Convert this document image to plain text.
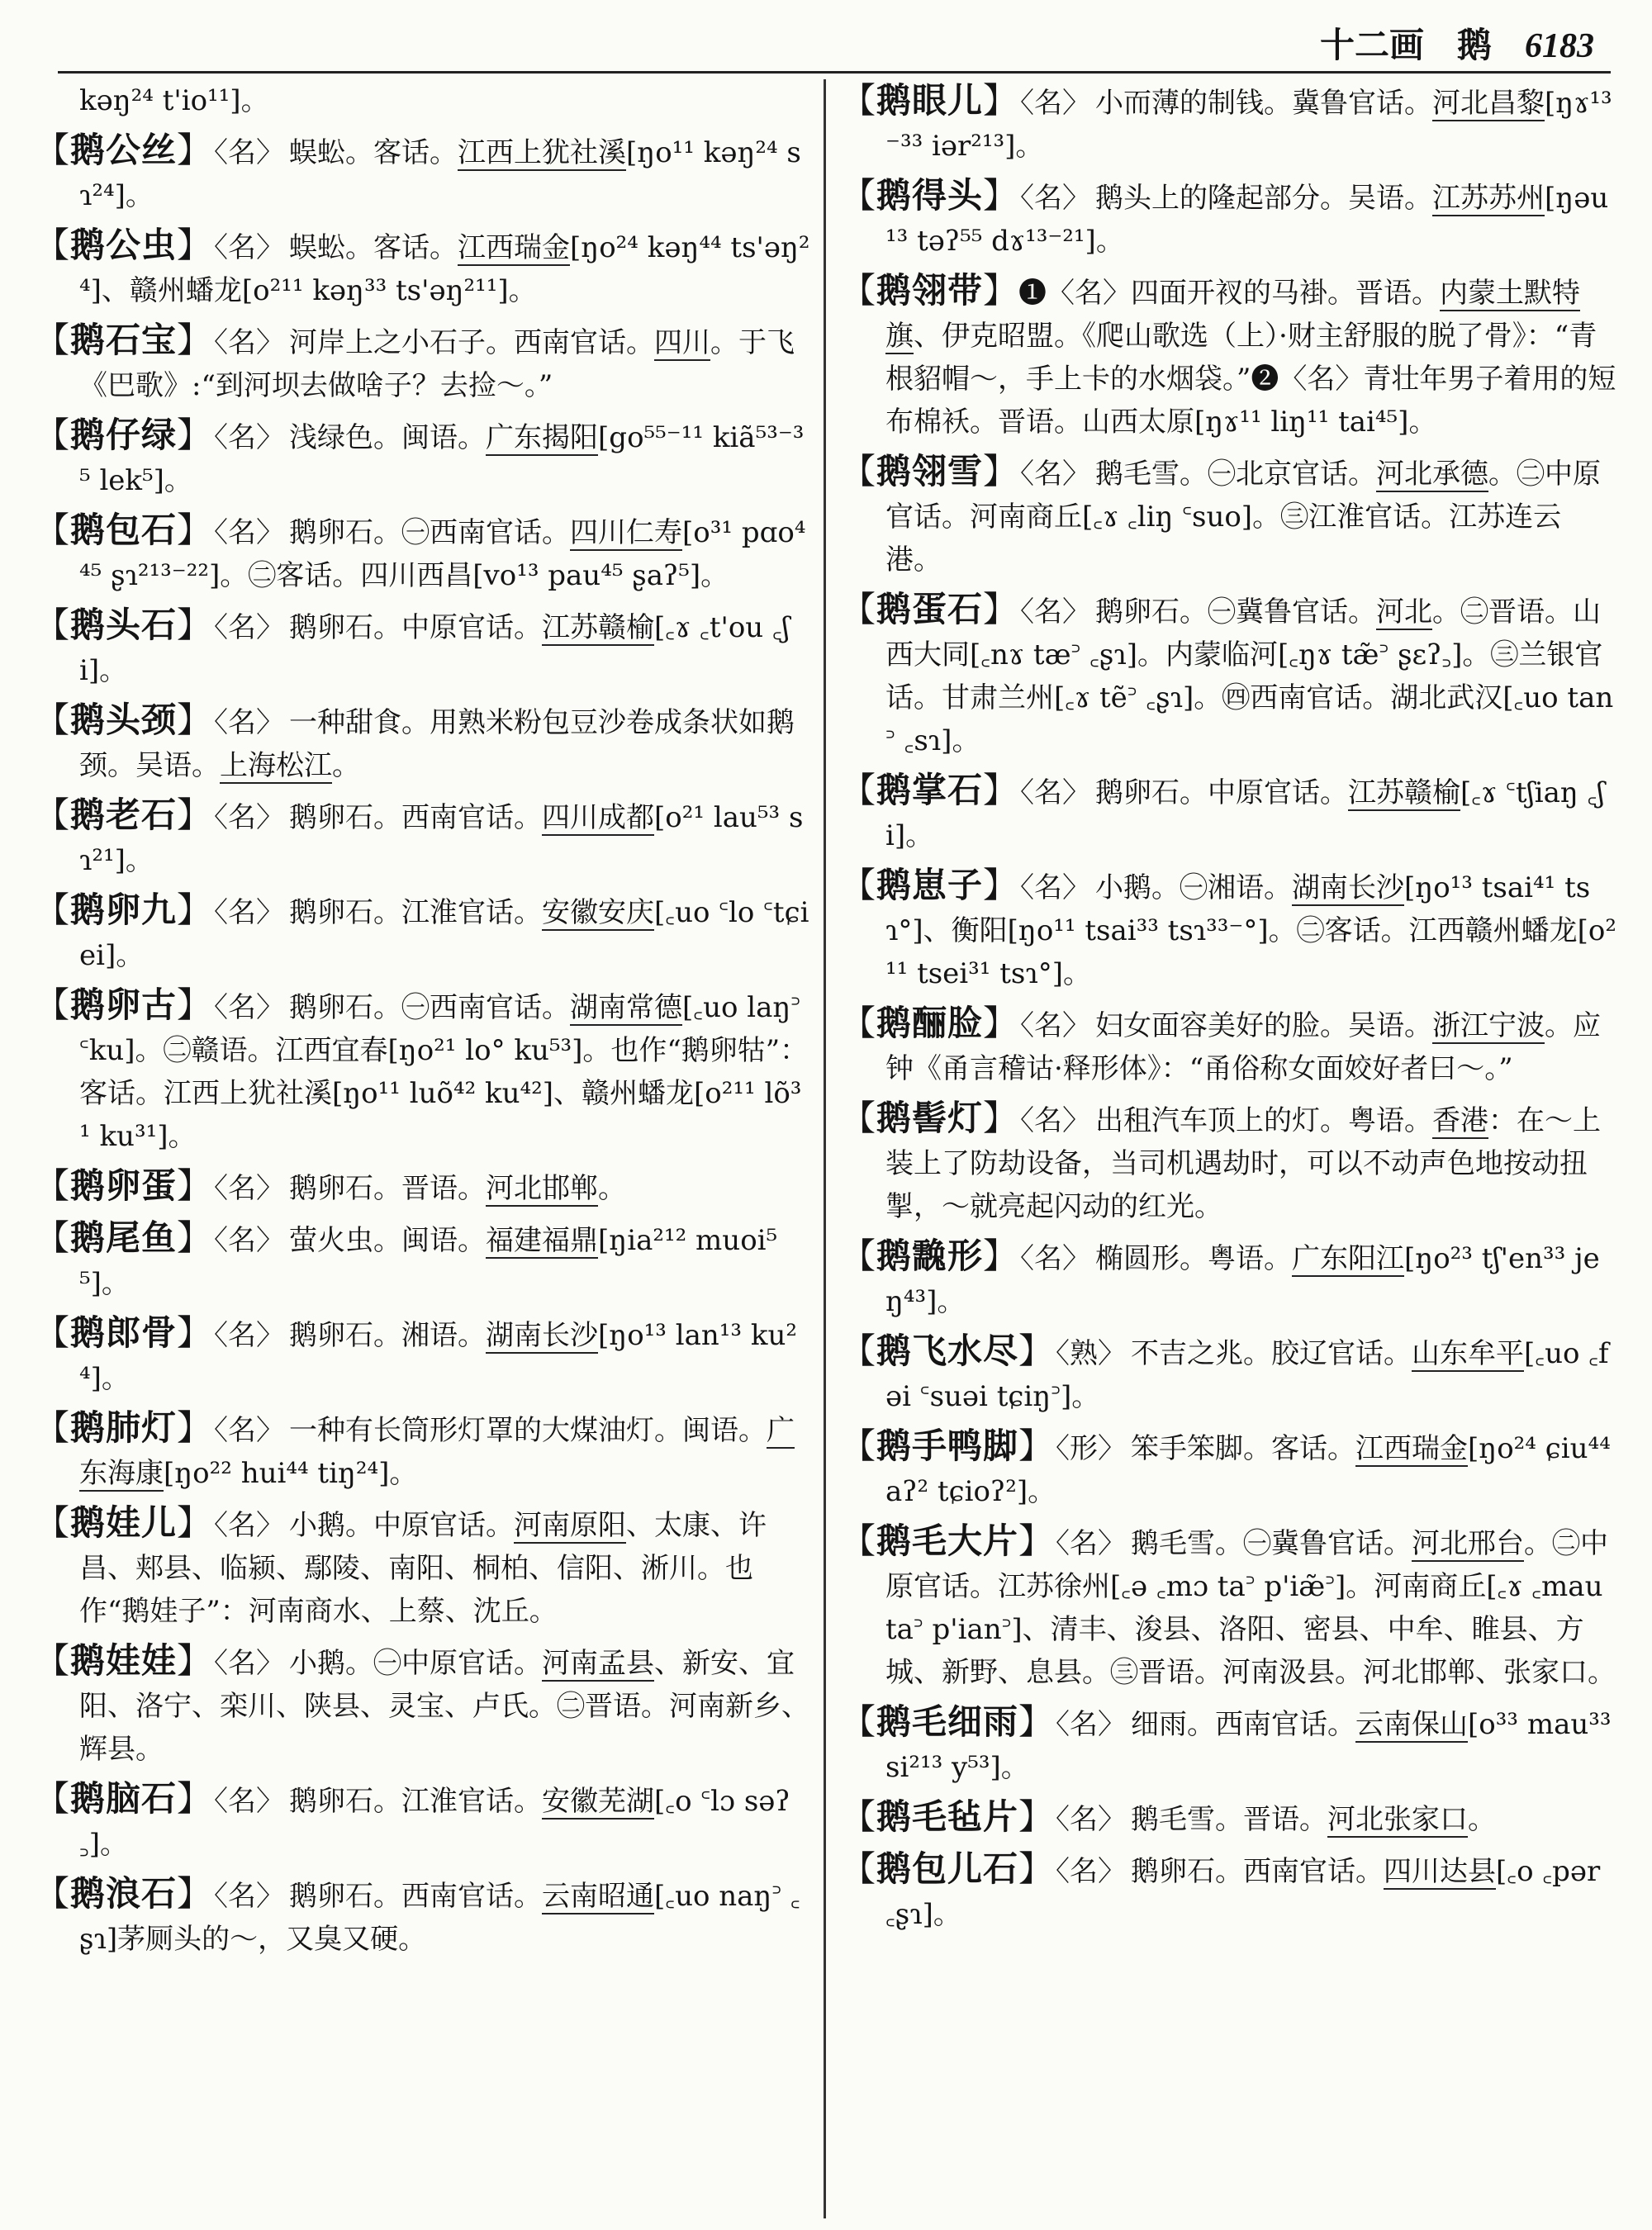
十二画 鹅 6183

kəŋ²⁴ t'io¹¹]。

【 鹅公丝 】 〈名〉 蜈蚣。客话。江西上犹社溪[ŋo¹¹ kəŋ²⁴ sɿ²⁴]。

【 鹅公虫 】 〈名〉 蜈蚣。客话。江西瑞金[ŋo²⁴ kəŋ⁴⁴ ts'əŋ²⁴]、赣州蟠龙[o²¹¹ kəŋ³³ ts'əŋ²¹¹]。

【 鹅石宝 】 〈名〉 河岸上之小石子。西南官话。四川。于飞《巴歌》:“到河坝去做啥子？去捡～。”

【 鹅仔绿 】 〈名〉 浅绿色。闽语。广东揭阳[go⁵⁵⁻¹¹ kiã⁵³⁻³⁵ lek⁵]。

【 鹅包石 】 〈名〉 鹅卵石。㊀西南官话。四川仁寿[o³¹ pɑo⁴⁴⁵ ʂɿ²¹³⁻²²]。㊁客话。四川西昌[vo¹³ pau⁴⁵ ʂaʔ⁵]。

【 鹅头石 】 〈名〉 鹅卵石。中原官话。江苏赣榆[꜀ɤ ꜀t'ou ꜀ʃi]。

【 鹅头颈 】 〈名〉 一种甜食。用熟米粉包豆沙卷成条状如鹅颈。吴语。上海松江。

【 鹅老石 】 〈名〉 鹅卵石。西南官话。四川成都[o²¹ lau⁵³ sɿ²¹]。

【 鹅卵九 】 〈名〉 鹅卵石。江淮官话。安徽安庆[꜀uo ꜂lo ꜂tɕiei]。

【 鹅卵古 】 〈名〉 鹅卵石。㊀西南官话。湖南常德[꜀uo laŋ꜄ ꜂ku]。㊁赣语。江西宜春[ŋo²¹ lo° ku⁵³]。也作“鹅卵牯”：客话。江西上犹社溪[ŋo¹¹ luõ⁴² ku⁴²]、赣州蟠龙[o²¹¹ lõ³¹ ku³¹]。

【 鹅卵蛋 】 〈名〉 鹅卵石。晋语。河北邯郸。

【 鹅尾鱼 】 〈名〉 萤火虫。闽语。福建福鼎[ŋia²¹² muoi⁵⁵]。

【 鹅郎骨 】 〈名〉 鹅卵石。湘语。湖南长沙[ŋo¹³ lan¹³ ku²⁴]。

【 鹅肺灯 】 〈名〉 一种有长筒形灯罩的大煤油灯。闽语。广东海康[ŋo²² hui⁴⁴ tiŋ²⁴]。

【 鹅娃儿 】 〈名〉 小鹅。中原官话。河南原阳、太康、许昌、郏县、临颍、鄢陵、南阳、桐柏、信阳、淅川。也作“鹅娃子”：河南商水、上蔡、沈丘。

【 鹅娃娃 】 〈名〉 小鹅。㊀中原官话。河南孟县、新安、宜阳、洛宁、栾川、陕县、灵宝、卢氏。㊁晋语。河南新乡、辉县。

【 鹅脑石 】 〈名〉 鹅卵石。江淮官话。安徽芜湖[꜀o ꜂lɔ səʔ꜆]。

【 鹅浪石 】 〈名〉 鹅卵石。西南官话。云南昭通[꜀uo naŋ꜄ ꜀ʂɿ]茅厕头的～，又臭又硬。

【 鹅眼儿 】 〈名〉 小而薄的制钱。冀鲁官话。河北昌黎[ŋɤ¹³⁻³³ iər²¹³]。

【 鹅得头 】 〈名〉 鹅头上的隆起部分。吴语。江苏苏州[ŋəu¹³ təʔ⁵⁵ dɤ¹³⁻²¹]。

【 鹅翎带 】 ❶〈名〉四面开衩的马褂。晋语。内蒙土默特旗、伊克昭盟。《爬山歌选（上）·财主舒服的脱了骨》：“青根貂帽～，手上卡的水烟袋。”❷〈名〉青壮年男子着用的短布棉袄。晋语。山西太原[ŋɤ¹¹ liŋ¹¹ tai⁴⁵]。

【 鹅翎雪 】 〈名〉 鹅毛雪。㊀北京官话。河北承德。㊁中原官话。河南商丘[꜀ɤ ꜀liŋ ꜂suo]。㊂江淮官话。江苏连云港。

【 鹅蛋石 】 〈名〉 鹅卵石。㊀冀鲁官话。河北。㊁晋语。山西大同[꜀nɤ tæ꜄ ꜀ʂɿ]。内蒙临河[꜀ŋɤ tæ̃꜄ ʂɛʔ꜆]。㊂兰银官话。甘肃兰州[꜀ɤ tẽ꜄ ꜀ʂɿ]。㊃西南官话。湖北武汉[꜀uo tan꜄ ꜀sɿ]。

【 鹅掌石 】 〈名〉 鹅卵石。中原官话。江苏赣榆[꜀ɤ ꜂tʃiaŋ ꜀ʃi]。

【 鹅崽子 】 〈名〉 小鹅。㊀湘语。湖南长沙[ŋo¹³ tsai⁴¹ tsɿ°]、衡阳[ŋo¹¹ tsai³³ tsɿ³³⁻°]。㊁客话。江西赣州蟠龙[o²¹¹ tsei³¹ tsɿ°]。

【 鹅酾脸 】 〈名〉 妇女面容美好的脸。吴语。浙江宁波。应钟《甬言稽诂·释形体》：“甬俗称女面姣好者曰～。”

【 鹅髻灯 】 〈名〉 出租汽车顶上的灯。粤语。香港：在～上装上了防劫设备，当司机遇劫时，可以不动声色地按动扭掣，～就亮起闪动的红光。

【 鹅䨲形 】 〈名〉 椭圆形。粤语。广东阳江[ŋo²³ tʃ'en³³ jeŋ⁴³]。

【 鹅飞水尽 】 〈熟〉 不吉之兆。胶辽官话。山东牟平[꜀uo ꜀fəi ꜂suəi tɕiŋ꜄]。

【 鹅手鸭脚 】 〈形〉 笨手笨脚。客话。江西瑞金[ŋo²⁴ ɕiu⁴⁴ aʔ² tɕioʔ²]。

【 鹅毛大片 】 〈名〉 鹅毛雪。㊀冀鲁官话。河北邢台。㊁中原官话。江苏徐州[꜀ə ꜀mɔ ta꜄ p'iæ̃꜄]。河南商丘[꜀ɤ ꜀mau ta꜄ p'ian꜄]、清丰、浚县、洛阳、密县、中牟、睢县、方城、新野、息县。㊂晋语。河南汲县。河北邯郸、张家口。

【 鹅毛细雨 】 〈名〉 细雨。西南官话。云南保山[o³³ mau³³ si²¹³ y⁵³]。

【 鹅毛毡片 】 〈名〉 鹅毛雪。晋语。河北张家口。

【 鹅包儿石 】 〈名〉 鹅卵石。西南官话。四川达县[꜀o ꜀pər ꜀ʂɿ]。
